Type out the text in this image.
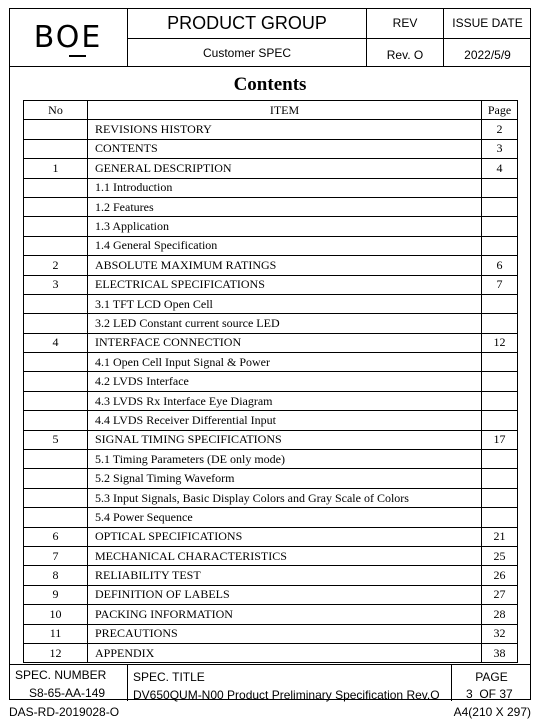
BOE	PRODUCT GROUP
Customer SPEC
REV
Rev. O
ISSUE DATE
2022/5/9
Contents
No	ITEM	Page
	REVISIONS HISTORY	2
	CONTENTS	3
1	GENERAL DESCRIPTION	4
	1.1 Introduction	
	1.2 Features	
	1.3 Application	
	1.4 General Specification	
2	ABSOLUTE MAXIMUM RATINGS	6
3	ELECTRICAL SPECIFICATIONS	7
	3.1 TFT LCD Open Cell	
	3.2 LED Constant current source LED	
4	INTERFACE CONNECTION	12
	4.1 Open Cell Input Signal & Power	
	4.2 LVDS Interface	
	4.3 LVDS Rx Interface Eye Diagram	
	4.4 LVDS Receiver Differential Input	
5	SIGNAL TIMING SPECIFICATIONS	17
	5.1 Timing Parameters (DE only mode)	
	5.2 Signal Timing Waveform	
	5.3 Input Signals, Basic Display Colors and Gray Scale of Colors	
	5.4 Power Sequence	
6	OPTICAL SPECIFICATIONS	21
7	MECHANICAL CHARACTERISTICS	25
8	RELIABILITY TEST	26
9	DEFINITION OF LABELS	27
10	PACKING INFORMATION	28
11	PRECAUTIONS	32
12	APPENDIX	38
SPEC. NUMBER
S8-65-AA-149
SPEC. TITLE
DV650QUM-N00 Product Preliminary Specification Rev.O
PAGE
3  OF 37
DAS-RD-2019028-O	A4(210 X 297)
